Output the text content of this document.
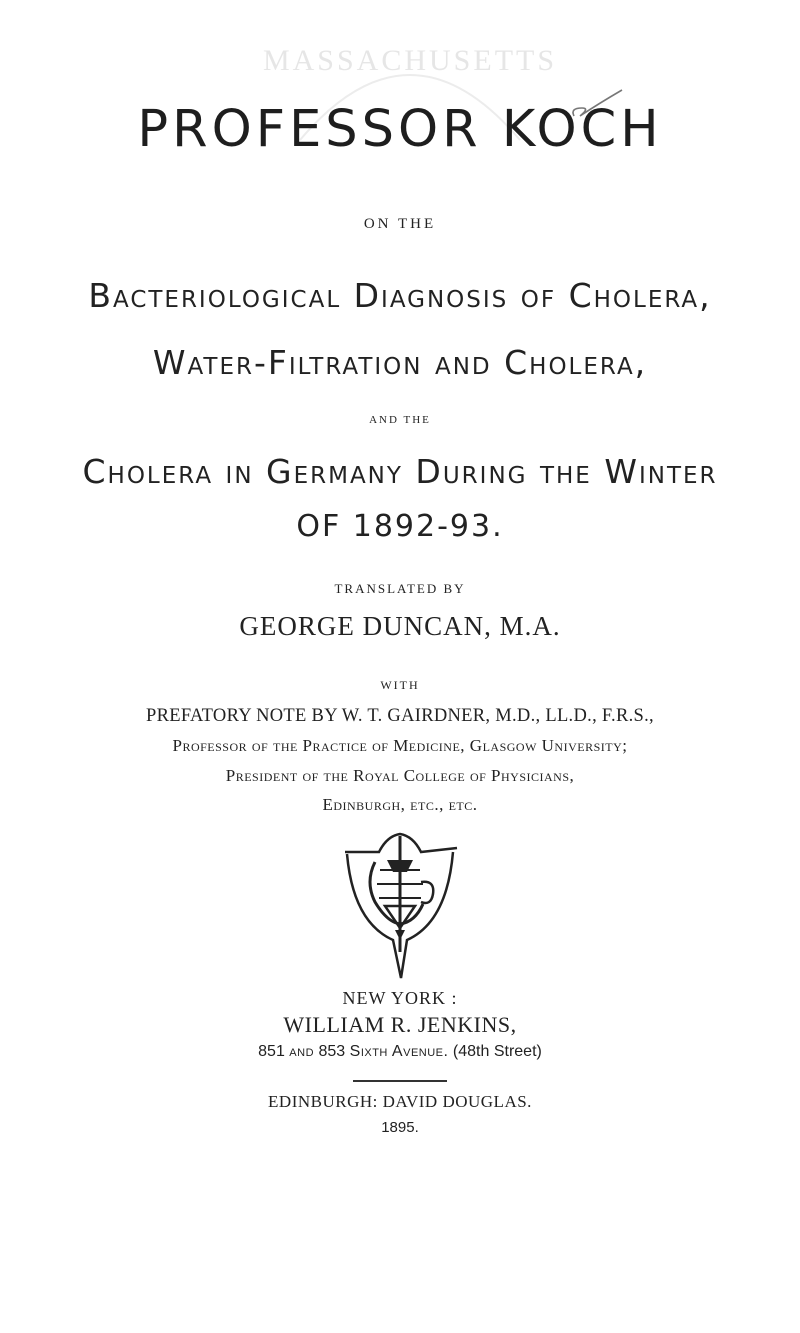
MASSACHUSETTS
PROFESSOR KOCH
ON THE
Bacteriological Diagnosis of Cholera,
Water-Filtration and Cholera,
AND THE
Cholera in Germany During the Winter
OF 1892-93.
TRANSLATED BY
GEORGE DUNCAN, M.A.
WITH
PREFATORY NOTE BY W. T. GAIRDNER, M.D., LL.D., F.R.S.,
Professor of the Practice of Medicine, Glasgow University;
President of the Royal College of Physicians,
Edinburgh, etc., etc.
NEW YORK :
WILLIAM R. JENKINS,
851 and 853 Sixth Avenue. (48th Street)
EDINBURGH: DAVID DOUGLAS.
1895.
